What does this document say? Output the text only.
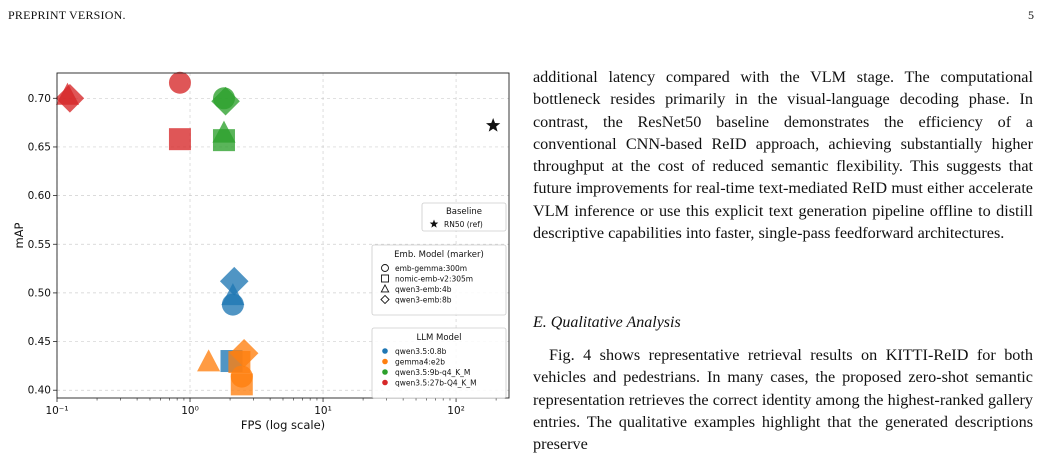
PREPRINT VERSION.	5
0.40
0.45
0.50
0.55
0.60
0.65
0.70
10⁻¹	10⁰	10¹	10²
FPS (log scale)
mAP
Baseline
RN50 (ref)
Emb. Model (marker)
emb-gemma:300m
nomic-emb-v2:305m
qwen3-emb:4b
qwen3-emb:8b
LLM Model
qwen3.5:0.8b
gemma4:e2b
qwen3.5:9b-q4_K_M
qwen3.5:27b-Q4_K_M
additional latency compared with the VLM stage. The computational bottleneck resides primarily in the visual-language decoding phase. In contrast, the ResNet50 baseline demonstrates the efficiency of a conventional CNN-based ReID approach, achieving substantially higher throughput at the cost of reduced semantic flexibility. This suggests that future improvements for real-time text-mediated ReID must either accelerate VLM inference or use this explicit text generation pipeline offline to distill descriptive capabilities into faster, single-pass feedforward architectures.
E. Qualitative Analysis
Fig. 4 shows representative retrieval results on KITTI-ReID for both vehicles and pedestrians. In many cases, the proposed zero-shot semantic representation retrieves the correct identity among the highest-ranked gallery entries. The qualitative examples highlight that the generated descriptions preserve
